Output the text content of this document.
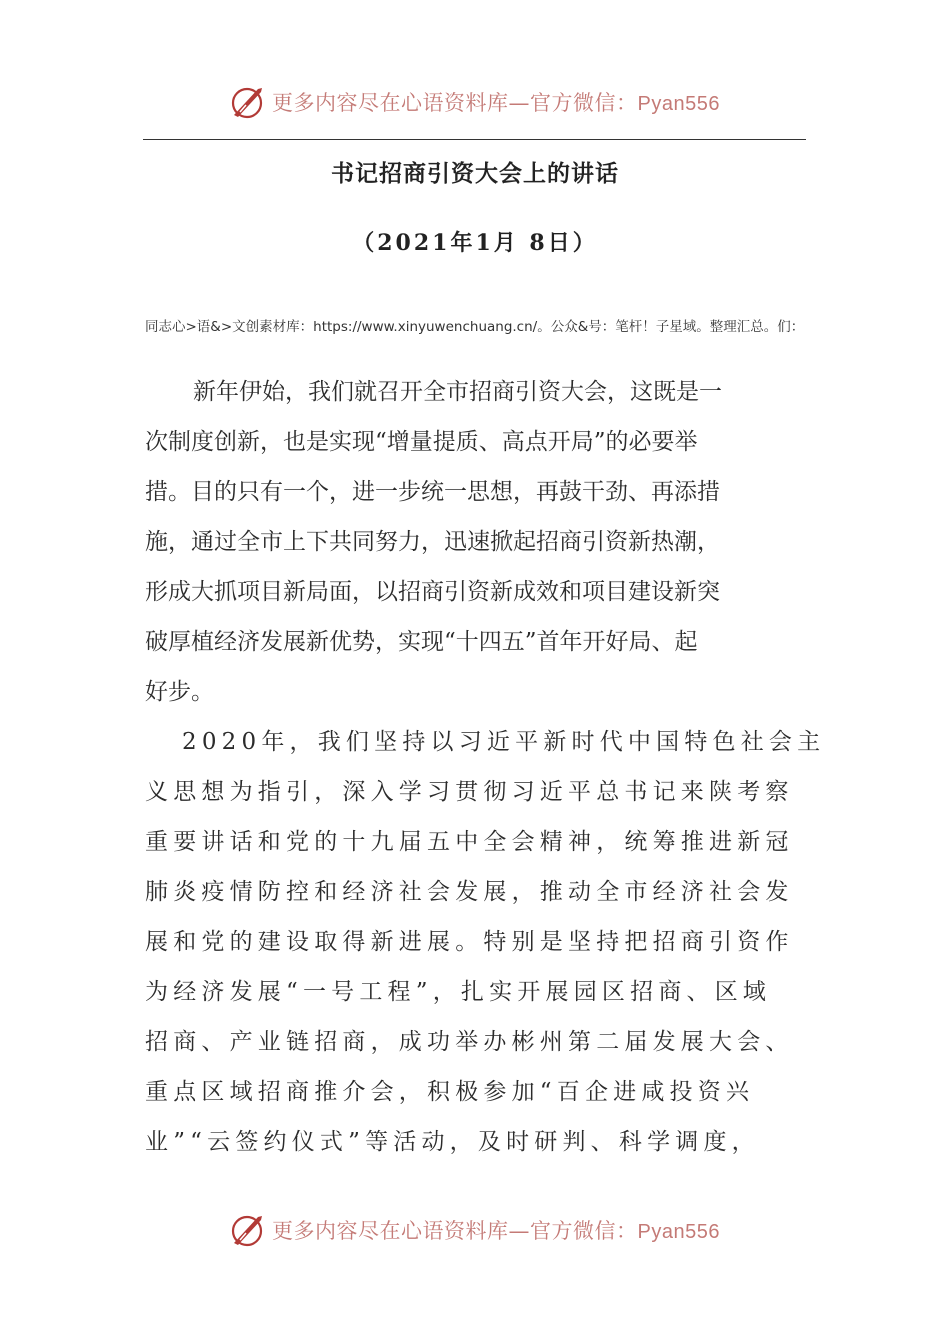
更多内容尽在心语资料库—官方微信：Pyan556
书记招商引资大会上的讲话
（2021年1月 8日）
同志心>语&>文创素材库：https://www.xinyuwenchuang.cn/。公众&号：笔杆！子星域。整理汇总。们：
新年伊始，我们就召开全市招商引资大会，这既是一
次制度创新，也是实现“增量提质、高点开局”的必要举
措。目的只有一个，进一步统一思想，再鼓干劲、再添措
施，通过全市上下共同努力，迅速掀起招商引资新热潮，
形成大抓项目新局面，以招商引资新成效和项目建设新突
破厚植经济发展新优势，实现“十四五”首年开好局、起
好步。
2020年，我们坚持以习近平新时代中国特色社会主
义思想为指引，深入学习贯彻习近平总书记来陕考察
重要讲话和党的十九届五中全会精神，统筹推进新冠
肺炎疫情防控和经济社会发展，推动全市经济社会发
展和党的建设取得新进展。特别是坚持把招商引资作
为经济发展“一号工程”，扎实开展园区招商、区域
招商、产业链招商，成功举办彬州第二届发展大会、
重点区域招商推介会，积极参加“百企进咸投资兴
业”“云签约仪式”等活动，及时研判、科学调度，
更多内容尽在心语资料库—官方微信：Pyan556
